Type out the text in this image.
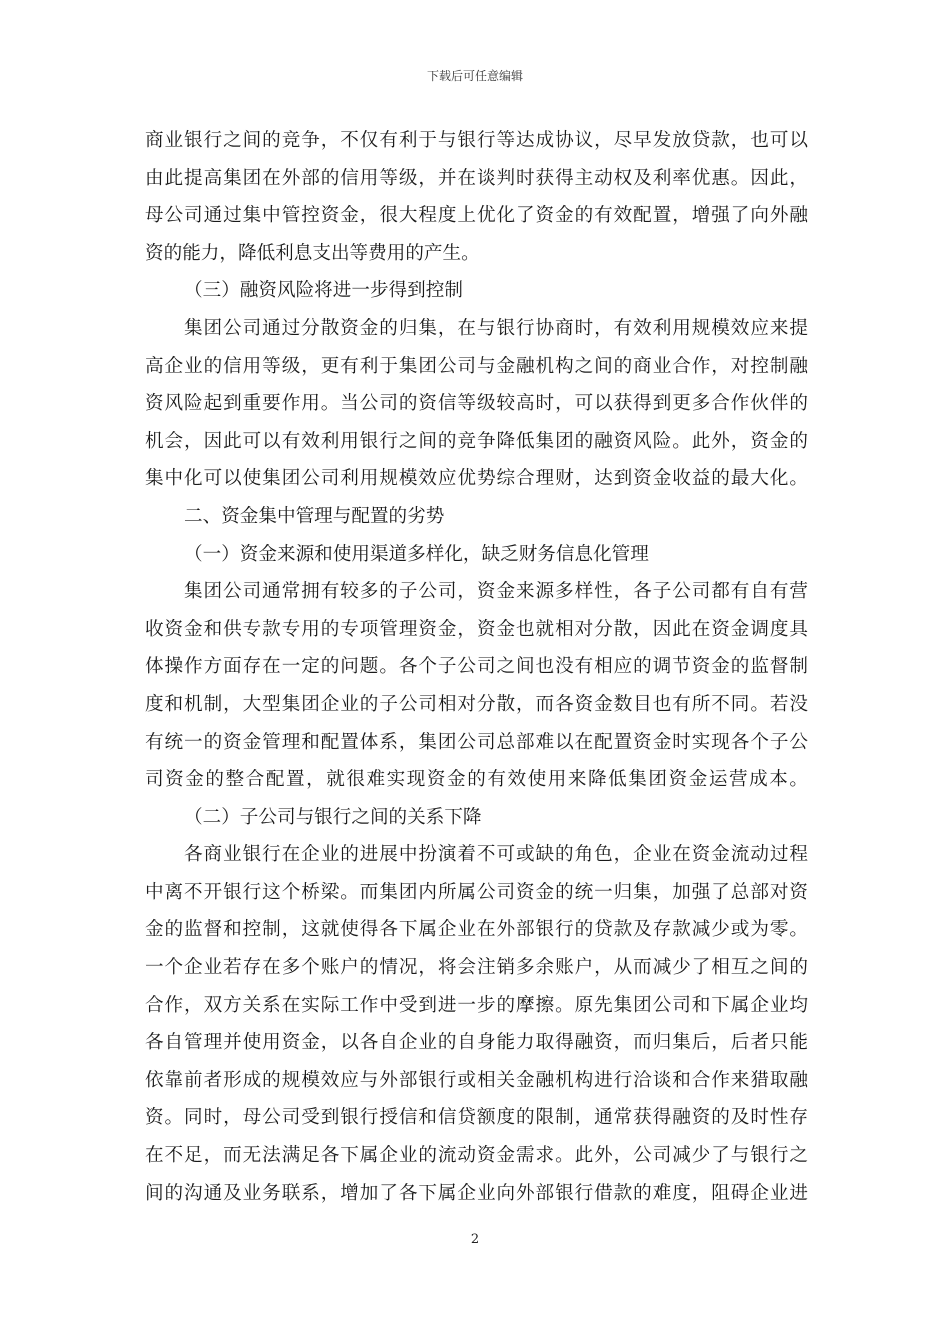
下载后可任意编辑
商业银行之间的竞争，不仅有利于与银行等达成协议，尽早发放贷款，也可以
由此提高集团在外部的信用等级，并在谈判时获得主动权及利率优惠。因此，
母公司通过集中管控资金，很大程度上优化了资金的有效配置，增强了向外融
资的能力，降低利息支出等费用的产生。
（三）融资风险将进一步得到控制
集团公司通过分散资金的归集，在与银行协商时，有效利用规模效应来提
高企业的信用等级，更有利于集团公司与金融机构之间的商业合作，对控制融
资风险起到重要作用。当公司的资信等级较高时，可以获得到更多合作伙伴的
机会，因此可以有效利用银行之间的竞争降低集团的融资风险。此外，资金的
集中化可以使集团公司利用规模效应优势综合理财，达到资金收益的最大化。
二、资金集中管理与配置的劣势
（一）资金来源和使用渠道多样化，缺乏财务信息化管理
集团公司通常拥有较多的子公司，资金来源多样性，各子公司都有自有营
收资金和供专款专用的专项管理资金，资金也就相对分散，因此在资金调度具
体操作方面存在一定的问题。各个子公司之间也没有相应的调节资金的监督制
度和机制，大型集团企业的子公司相对分散，而各资金数目也有所不同。若没
有统一的资金管理和配置体系，集团公司总部难以在配置资金时实现各个子公
司资金的整合配置，就很难实现资金的有效使用来降低集团资金运营成本。
（二）子公司与银行之间的关系下降
各商业银行在企业的进展中扮演着不可或缺的角色，企业在资金流动过程
中离不开银行这个桥梁。而集团内所属公司资金的统一归集，加强了总部对资
金的监督和控制，这就使得各下属企业在外部银行的贷款及存款减少或为零。
一个企业若存在多个账户的情况，将会注销多余账户，从而减少了相互之间的
合作，双方关系在实际工作中受到进一步的摩擦。原先集团公司和下属企业均
各自管理并使用资金，以各自企业的自身能力取得融资，而归集后，后者只能
依靠前者形成的规模效应与外部银行或相关金融机构进行洽谈和合作来猎取融
资。同时，母公司受到银行授信和信贷额度的限制，通常获得融资的及时性存
在不足，而无法满足各下属企业的流动资金需求。此外，公司减少了与银行之
间的沟通及业务联系，增加了各下属企业向外部银行借款的难度，阻碍企业进
2
